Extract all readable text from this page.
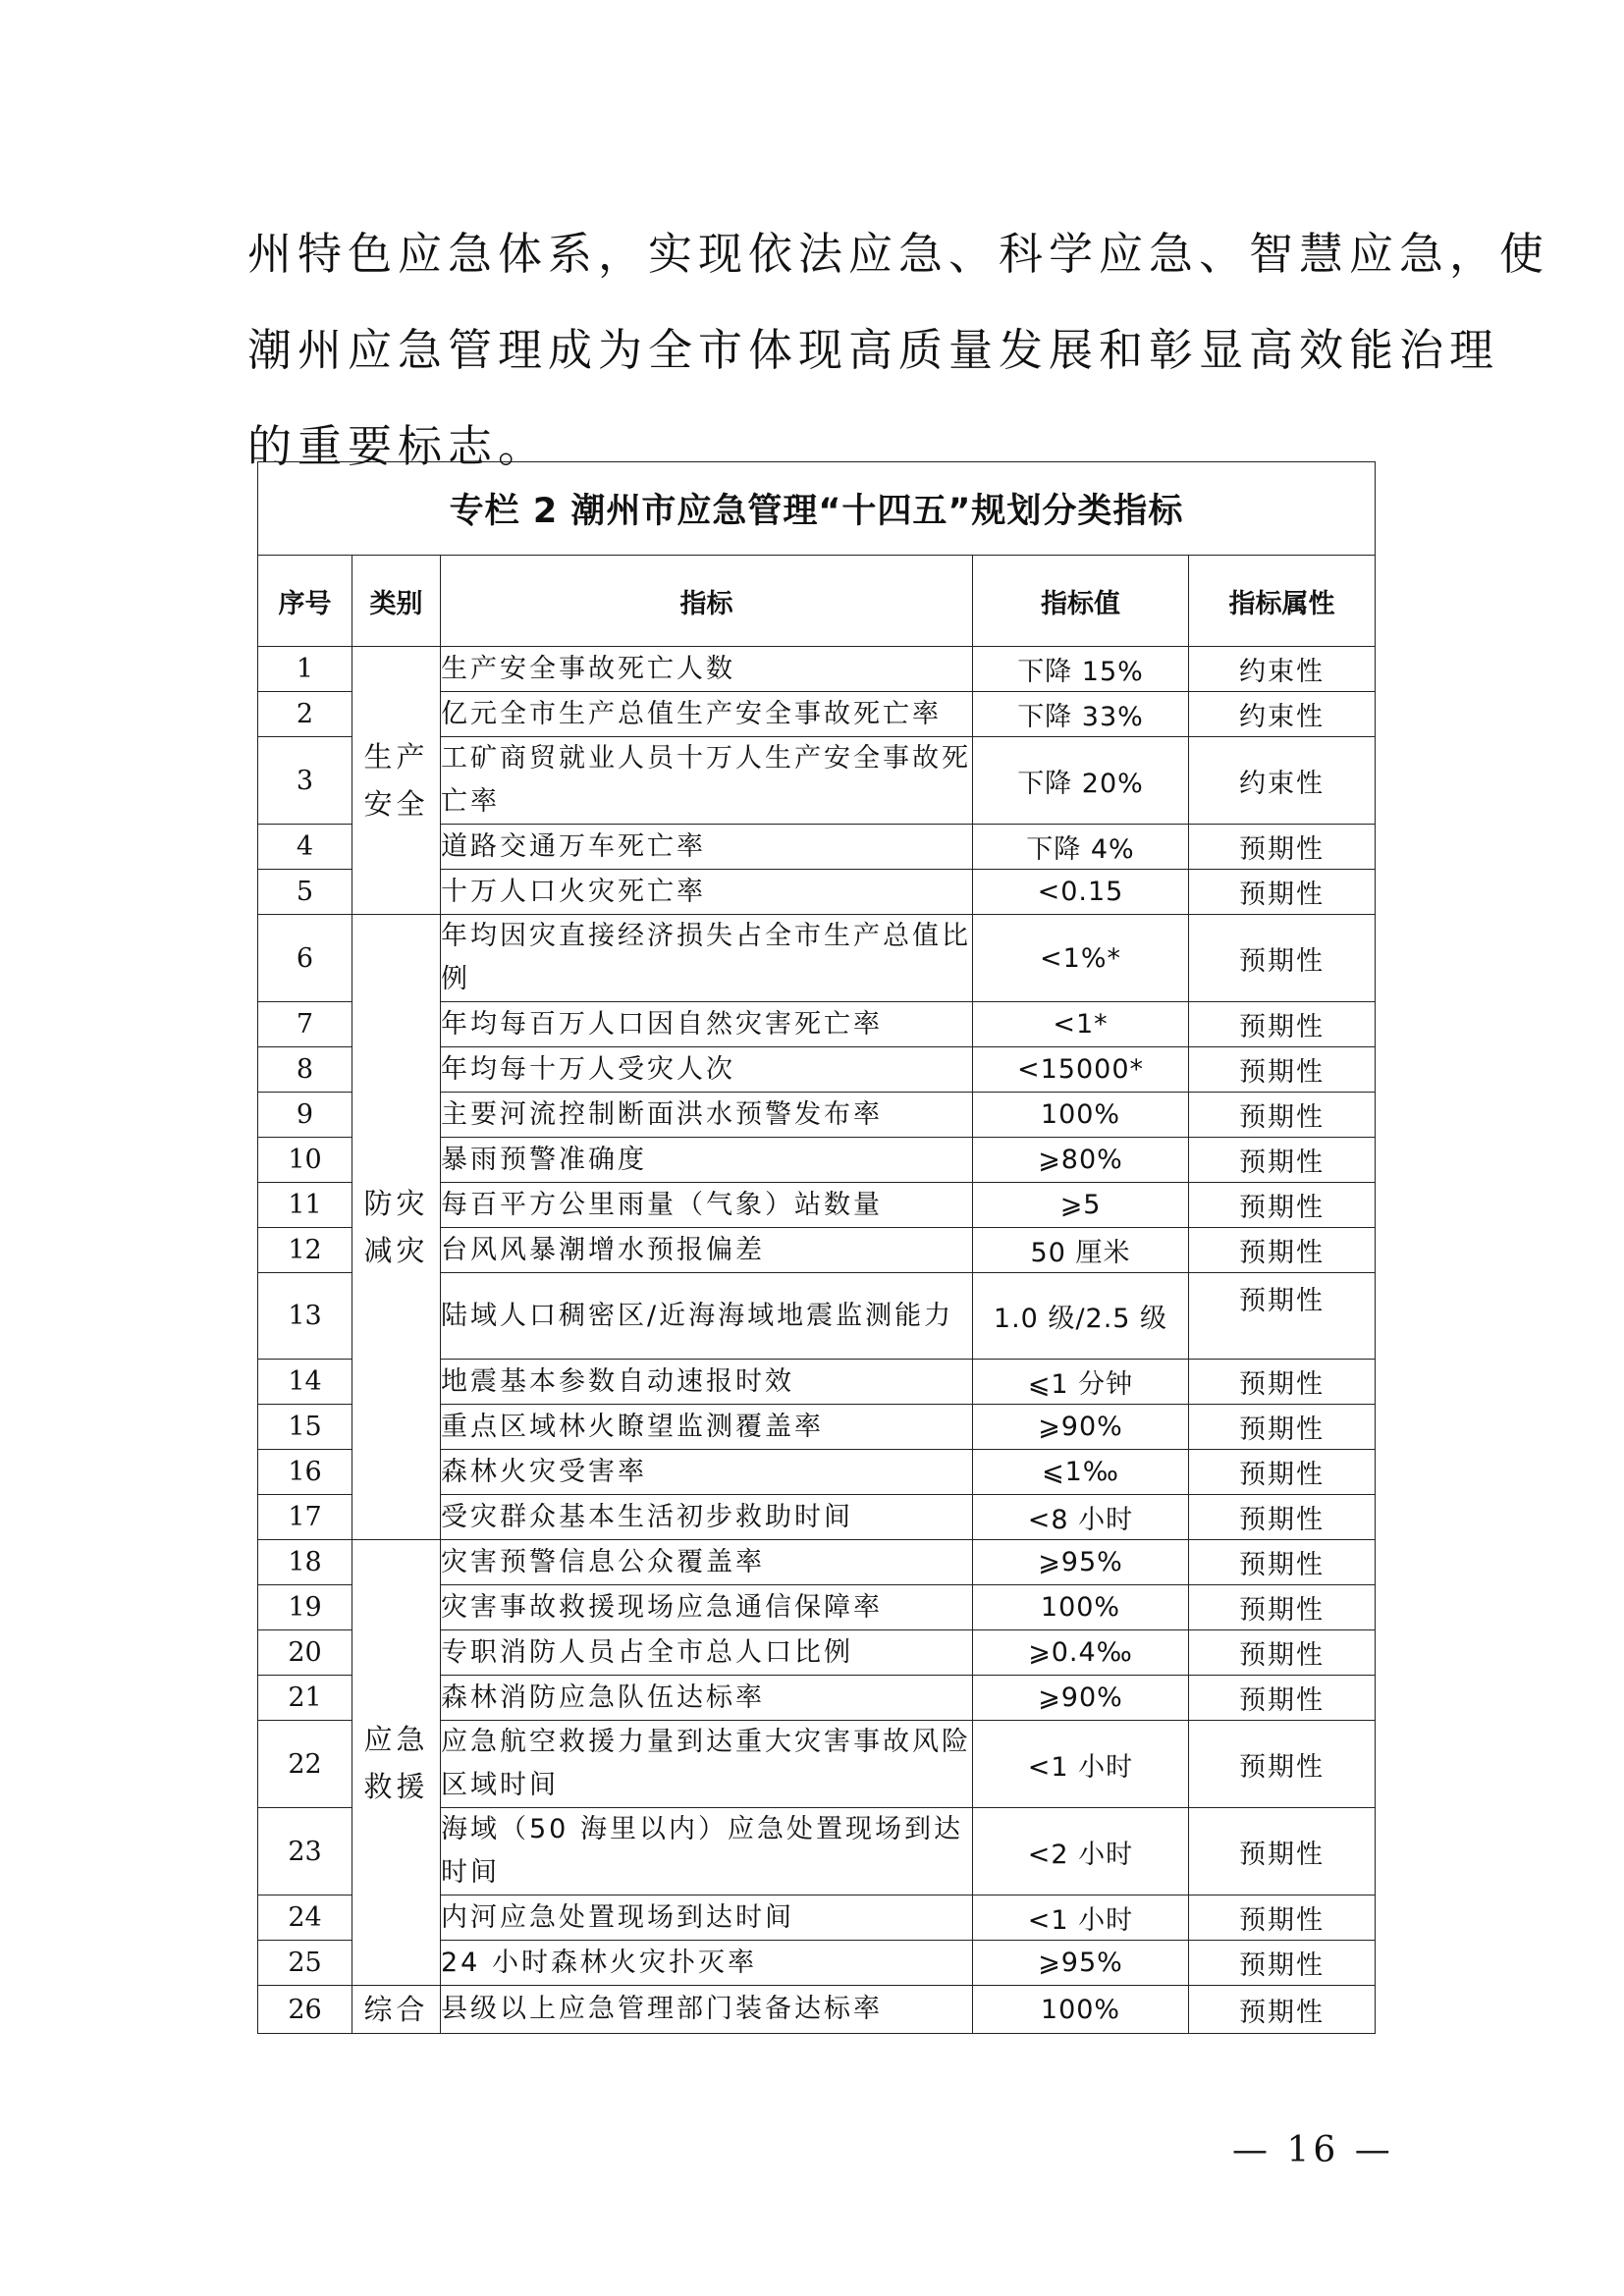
州特色应急体系，实现依法应急、科学应急、智慧应急，使
潮州应急管理成为全市体现高质量发展和彰显高效能治理
的重要标志。
专栏 2 潮州市应急管理“十四五”规划分类指标				
序号	类别	指标	指标值	指标属性
1	生产安全	生产安全事故死亡人数	下降 15%	约束性
2		亿元全市生产总值生产安全事故死亡率	下降 33%	约束性
3		工矿商贸就业人员十万人生产安全事故死亡率	下降 20%	约束性
4		道路交通万车死亡率	下降 4%	预期性
5		十万人口火灾死亡率	<0.15	预期性
6	防灾减灾	年均因灾直接经济损失占全市生产总值比例	<1%*	预期性
7		年均每百万人口因自然灾害死亡率	<1*	预期性
8		年均每十万人受灾人次	<15000*	预期性
9		主要河流控制断面洪水预警发布率	100%	预期性
10		暴雨预警准确度	⩾80%	预期性
11		每百平方公里雨量（气象）站数量	⩾5	预期性
12		台风风暴潮增水预报偏差	50 厘米	预期性
13		陆域人口稠密区/近海海域地震监测能力	1.0 级/2.5 级	预期性
14		地震基本参数自动速报时效	⩽1 分钟	预期性
15		重点区域林火瞭望监测覆盖率	⩾90%	预期性
16		森林火灾受害率	⩽1‰	预期性
17		受灾群众基本生活初步救助时间	<8 小时	预期性
18	应急救援	灾害预警信息公众覆盖率	⩾95%	预期性
19		灾害事故救援现场应急通信保障率	100%	预期性
20		专职消防人员占全市总人口比例	⩾0.4‰	预期性
21		森林消防应急队伍达标率	⩾90%	预期性
22		应急航空救援力量到达重大灾害事故风险区域时间	<1 小时	预期性
23		海域（50 海里以内）应急处置现场到达时间	<2 小时	预期性
24		内河应急处置现场到达时间	<1 小时	预期性
25		24 小时森林火灾扑灭率	⩾95%	预期性
26	综合	县级以上应急管理部门装备达标率	100%	预期性
— 16 —
